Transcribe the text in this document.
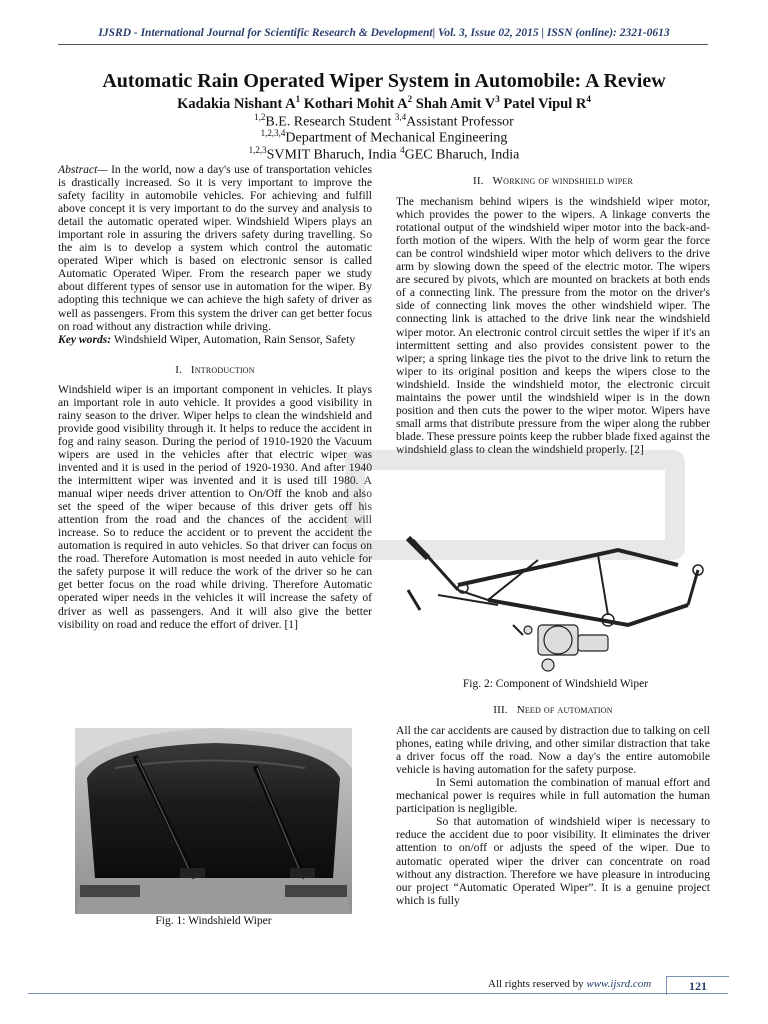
IJSRD - International Journal for Scientific Research & Development| Vol. 3, Issue 02, 2015 | ISSN (online): 2321-0613
Automatic Rain Operated Wiper System in Automobile: A Review
Kadakia Nishant $A^1$ Kothari Mohit $A^2$ Shah Amit $V^3$ Patel Vipul $R^4$
$^{1,2}$B.E. Research Student $^{3,4}$Assistant Professor
$^{1,2,3,4}$Department of Mechanical Engineering
$^{1,2,3}$SVMIT Bharuch, India $^4$GEC Bharuch, India

Abstract— In the world, now a day's use of transportation vehicles is drastically increased. So it is very important to improve the safety facility in automobile vehicles. For achieving and fulfill above concept it is very important to do the survey and analysis to detail the automatic operated wiper. Windshield Wipers plays an important role in assuring the drivers safety during travelling. So the aim is to develop a system which control the automatic operated Wiper which is based on electronic sensor is called Automatic Operated Wiper. From the research paper we study about different types of sensor use in automation for the wiper. By adopting this technique we can achieve the high safety of driver as well as passengers. From this system the driver can get better focus on road without any distraction while driving.

Key words: Windshield Wiper, Automation, Rain Sensor, Safety

I. Introduction

Windshield wiper is an important component in vehicles. It plays an important role in auto vehicle. It provides a good visibility in rainy season to the driver. Wiper helps to clean the windshield and provide good visibility through it. It helps to reduce the accident in fog and rainy season. During the period of 1910-1920 the Vacuum wipers are used in the vehicles after that electric wiper was invented and it is used in the period of 1920-1930. And after 1940 the intermittent wiper was invented and it is used till 1980. A manual wiper needs driver attention to On/Off the knob and also set the speed of the wiper because of this driver gets off his attention from the road and the chances of the accident will increase. So to reduce the accident or to prevent the accident the automation is required in auto vehicles. So that driver can focus on the road. Therefore Automation is most needed in auto vehicle for the safety purpose it will reduce the work of the driver so he can get better focus on the road while driving. Therefore Automatic operated wiper needs in the vehicles it will increase the safety of driver as well as passengers. And it will also give the better visibility on road and reduce the effort of driver. [1]

Fig. 1: Windshield Wiper

II. Working of windshield wiper

The mechanism behind wipers is the windshield wiper motor, which provides the power to the wipers. A linkage converts the rotational output of the windshield wiper motor into the back-and-forth motion of the wipers. With the help of worm gear the force can be control windshield wiper motor which delivers to the drive arm by slowing down the speed of the electric motor. The wipers are secured by pivots, which are mounted on brackets at both ends of a connecting link. The pressure from the motor on the driver's side of connecting link moves the other windshield wiper. The connecting link is attached to the drive link near the windshield wiper motor. An electronic control circuit settles the wiper if it's an intermittent setting and also provides consistent power to the wiper; a spring linkage ties the pivot to the drive link to return the wiper to its original position and keeps the wipers close to the windshield. Inside the windshield motor, the electronic circuit maintains the power until the windshield wiper is in the down position and then cuts the power to the wiper motor. Wipers have small arms that distribute pressure from the wiper along the rubber blade. These pressure points keep the rubber blade fixed against the windshield glass to clean the windshield properly. [2]

Fig. 2: Component of Windshield Wiper

III. Need of automation

All the car accidents are caused by distraction due to talking on cell phones, eating while driving, and other similar distraction that take a driver focus off the road. Now a day's the entire automobile vehicle is having automation for the safety purpose.

In Semi automation the combination of manual effort and mechanical power is requires while in full automation the human participation is negligible.

So that automation of windshield wiper is necessary to reduce the accident due to poor visibility. It eliminates the driver attention to on/off or adjusts the speed of the wiper. Due to automatic operated wiper the driver can concentrate on road without any distraction. Therefore we have pleasure in introducing our project “Automatic Operated Wiper”. It is a genuine project which is fully

All rights reserved by www.ijsrd.com	121
